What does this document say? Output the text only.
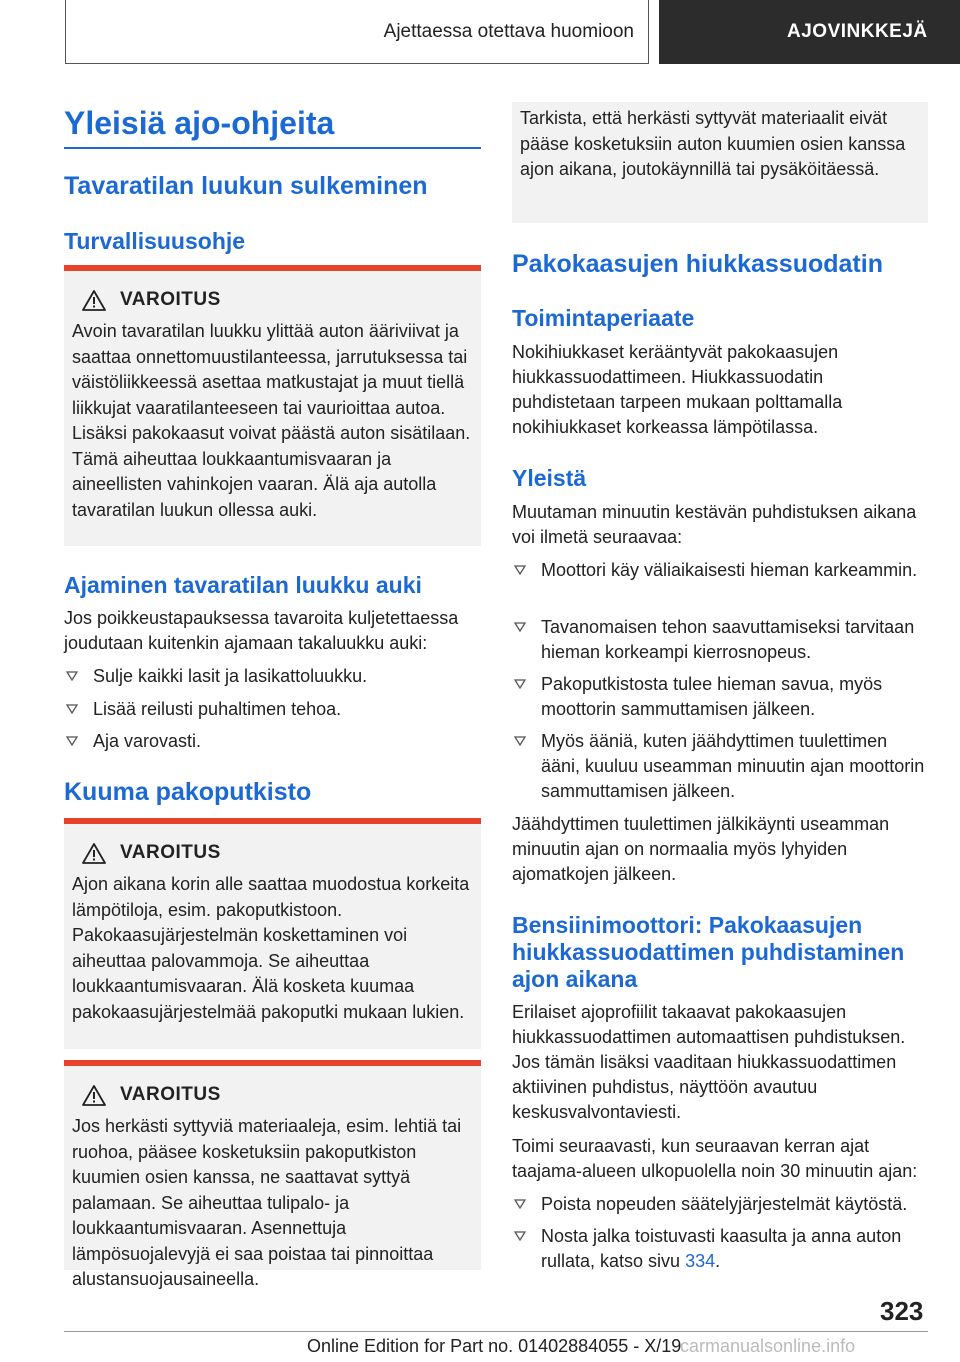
Ajettaessa otettava huomioon	AJOVINKKEJÄ
Yleisiä ajo-ohjeita
Tavaratilan luukun sulkeminen
Turvallisuusohje
VAROITUS
Avoin tavaratilan luukku ylittää auton ääriviivat ja saattaa onnettomuustilanteessa, jarrutuksessa tai väistöliikkeessä asettaa matkustajat ja muut tiellä liikkujat vaaratilanteeseen tai vaurioittaa autoa. Lisäksi pakokaasut voivat päästä auton sisätilaan. Tämä aiheuttaa loukkaantumisvaaran ja aineellisten vahinkojen vaaran. Älä aja autolla tavaratilan luukun ollessa auki.
Ajaminen tavaratilan luukku auki

Jos poikkeustapauksessa tavaroita kuljetettaessa joudutaan kuitenkin ajamaan takaluukku auki:

Sulje kaikki lasit ja lasikattoluukku.
Lisää reilusti puhaltimen tehoa.
Aja varovasti.
Kuuma pakoputkisto
VAROITUS
Ajon aikana korin alle saattaa muodostua korkeita lämpötiloja, esim. pakoputkistoon. Pakokaasujärjestelmän koskettaminen voi aiheuttaa palovammoja. Se aiheuttaa loukkaantumisvaaran. Älä kosketa kuumaa pakokaasujärjestelmää pakoputki mukaan lukien.
VAROITUS
Jos herkästi syttyviä materiaaleja, esim. lehtiä tai ruohoa, pääsee kosketuksiin pakoputkiston kuumien osien kanssa, ne saattavat syttyä palamaan. Se aiheuttaa tulipalo- ja loukkaantumisvaaran. Asennettuja lämpösuojalevyjä ei saa poistaa tai pinnoittaa alustansuojausaineella.
Tarkista, että herkästi syttyvät materiaalit eivät pääse kosketuksiin auton kuumien osien kanssa ajon aikana, joutokäynnillä tai pysäköitäessä.
Pakokaasujen hiukkassuodatin
Toimintaperiaate

Nokihiukkaset kerääntyvät pakokaasujen hiukkassuodattimeen. Hiukkassuodatin puhdistetaan tarpeen mukaan polttamalla nokihiukkaset korkeassa lämpötilassa.

Yleistä

Muutaman minuutin kestävän puhdistuksen aikana voi ilmetä seuraavaa:

Moottori käy väliaikaisesti hieman karkeammin.
Tavanomaisen tehon saavuttamiseksi tarvitaan hieman korkeampi kierrosnopeus.
Pakoputkistosta tulee hieman savua, myös moottorin sammuttamisen jälkeen.
Myös ääniä, kuten jäähdyttimen tuulettimen ääni, kuuluu useamman minuutin ajan moottorin sammuttamisen jälkeen.

Jäähdyttimen tuulettimen jälkikäynti useamman minuutin ajan on normaalia myös lyhyiden ajomatkojen jälkeen.

Bensiinimoottori: Pakokaasujen hiukkassuodattimen puhdistaminen ajon aikana

Erilaiset ajoprofiilit takaavat pakokaasujen hiukkassuodattimen automaattisen puhdistuksen. Jos tämän lisäksi vaaditaan hiukkassuodattimen aktiivinen puhdistus, näyttöön avautuu keskusvalvontaviesti.

Toimi seuraavasti, kun seuraavan kerran ajat taajama-alueen ulkopuolella noin 30 minuutin ajan:

Poista nopeuden säätelyjärjestelmät käytöstä.
Nosta jalka toistuvasti kaasulta ja anna auton rullata, katso sivu 334.
323
Online Edition for Part no. 01402884055 - X/19
carmanualsonline.info
